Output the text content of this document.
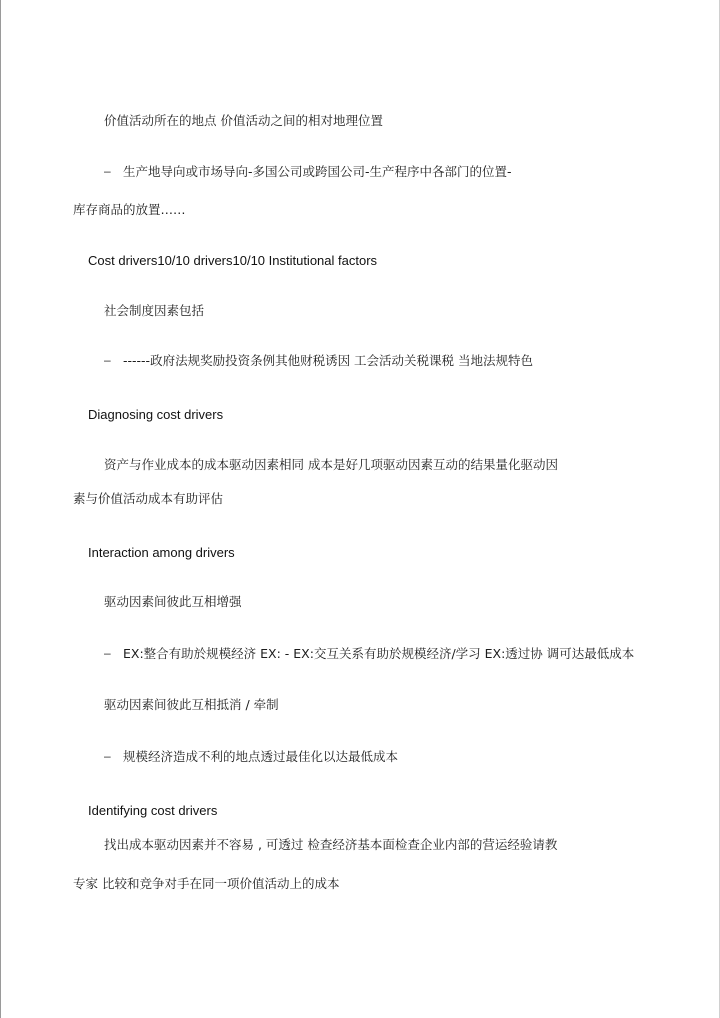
价值活动所在的地点 价值活动之间的相对地理位置
– 生产地导向或市场导向-多国公司或跨国公司-生产程序中各部门的位置-
库存商品的放置……
Cost drivers10/10 drivers10/10 Institutional factors
社会制度因素包括
– ------政府法规奖励投资条例其他财税诱因 工会活动关税课税 当地法规特色
Diagnosing cost drivers
资产与作业成本的成本驱动因素相同 成本是好几项驱动因素互动的结果量化驱动因
素与价值活动成本有助评估
Interaction among drivers
驱动因素间彼此互相增强
– EX:整合有助於规模经济 EX: - EX:交互关系有助於规模经济/学习 EX:透过协 调可达最低成本
驱动因素间彼此互相抵消 / 牵制
– 规模经济造成不利的地点透过最佳化以达最低成本
Identifying cost drivers
找出成本驱动因素并不容易 , 可透过 检查经济基本面检查企业内部的营运经验请教
专家 比较和竞争对手在同一项价值活动上的成本
